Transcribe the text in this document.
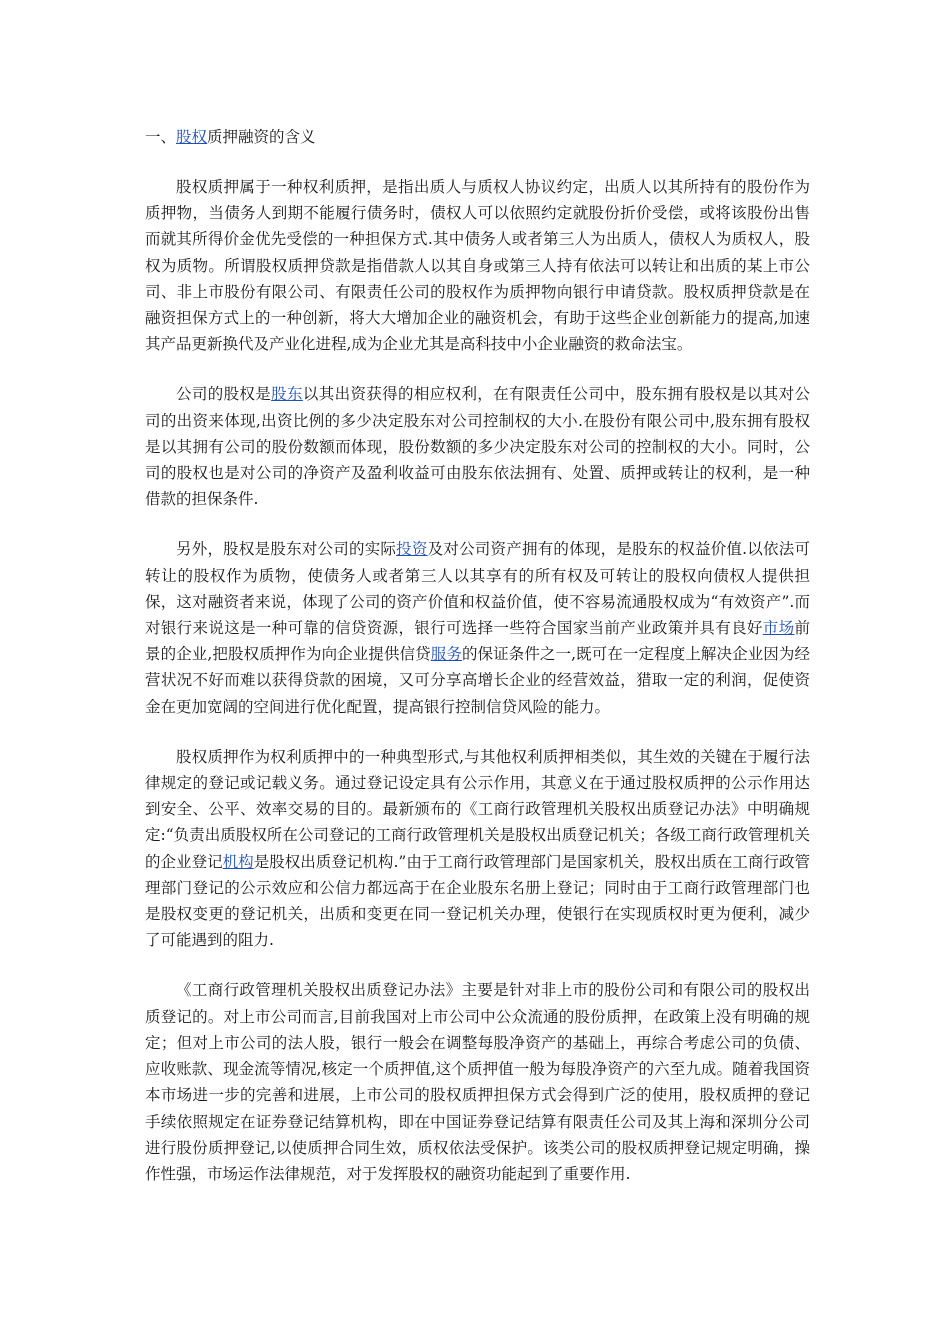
一、股权质押融资的含义

股权质押属于一种权利质押，是指出质人与质权人协议约定，出质人以其所持有的股份作为质押物，当债务人到期不能履行债务时，债权人可以依照约定就股份折价受偿，或将该股份出售而就其所得价金优先受偿的一种担保方式.其中债务人或者第三人为出质人，债权人为质权人，股权为质物。所谓股权质押贷款是指借款人以其自身或第三人持有依法可以转让和出质的某上市公司、非上市股份有限公司、有限责任公司的股权作为质押物向银行申请贷款。股权质押贷款是在融资担保方式上的一种创新，将大大增加企业的融资机会，有助于这些企业创新能力的提高,加速其产品更新换代及产业化进程,成为企业尤其是高科技中小企业融资的救命法宝。

公司的股权是股东以其出资获得的相应权利，在有限责任公司中，股东拥有股权是以其对公司的出资来体现,出资比例的多少决定股东对公司控制权的大小.在股份有限公司中,股东拥有股权是以其拥有公司的股份数额而体现，股份数额的多少决定股东对公司的控制权的大小。同时，公司的股权也是对公司的净资产及盈利收益可由股东依法拥有、处置、质押或转让的权利，是一种借款的担保条件.

另外，股权是股东对公司的实际投资及对公司资产拥有的体现，是股东的权益价值.以依法可转让的股权作为质物，使债务人或者第三人以其享有的所有权及可转让的股权向债权人提供担保，这对融资者来说，体现了公司的资产价值和权益价值，使不容易流通股权成为“有效资产”.而对银行来说这是一种可靠的信贷资源，银行可选择一些符合国家当前产业政策并具有良好市场前景的企业,把股权质押作为向企业提供信贷服务的保证条件之一,既可在一定程度上解决企业因为经营状况不好而难以获得贷款的困境，又可分享高增长企业的经营效益，猎取一定的利润，促使资金在更加宽阔的空间进行优化配置，提高银行控制信贷风险的能力。

股权质押作为权利质押中的一种典型形式,与其他权利质押相类似，其生效的关键在于履行法律规定的登记或记载义务。通过登记设定具有公示作用，其意义在于通过股权质押的公示作用达到安全、公平、效率交易的目的。最新颁布的《工商行政管理机关股权出质登记办法》中明确规定:“负责出质股权所在公司登记的工商行政管理机关是股权出质登记机关；各级工商行政管理机关的企业登记机构是股权出质登记机构.”由于工商行政管理部门是国家机关，股权出质在工商行政管理部门登记的公示效应和公信力都远高于在企业股东名册上登记；同时由于工商行政管理部门也是股权变更的登记机关，出质和变更在同一登记机关办理，使银行在实现质权时更为便利，减少了可能遇到的阻力.

《工商行政管理机关股权出质登记办法》主要是针对非上市的股份公司和有限公司的股权出质登记的。对上市公司而言,目前我国对上市公司中公众流通的股份质押，在政策上没有明确的规定；但对上市公司的法人股，银行一般会在调整每股净资产的基础上，再综合考虑公司的负债、应收账款、现金流等情况,核定一个质押值,这个质押值一般为每股净资产的六至九成。随着我国资本市场进一步的完善和进展，上市公司的股权质押担保方式会得到广泛的使用，股权质押的登记手续依照规定在证券登记结算机构，即在中国证券登记结算有限责任公司及其上海和深圳分公司进行股份质押登记,以使质押合同生效，质权依法受保护。该类公司的股权质押登记规定明确，操作性强，市场运作法律规范，对于发挥股权的融资功能起到了重要作用.
